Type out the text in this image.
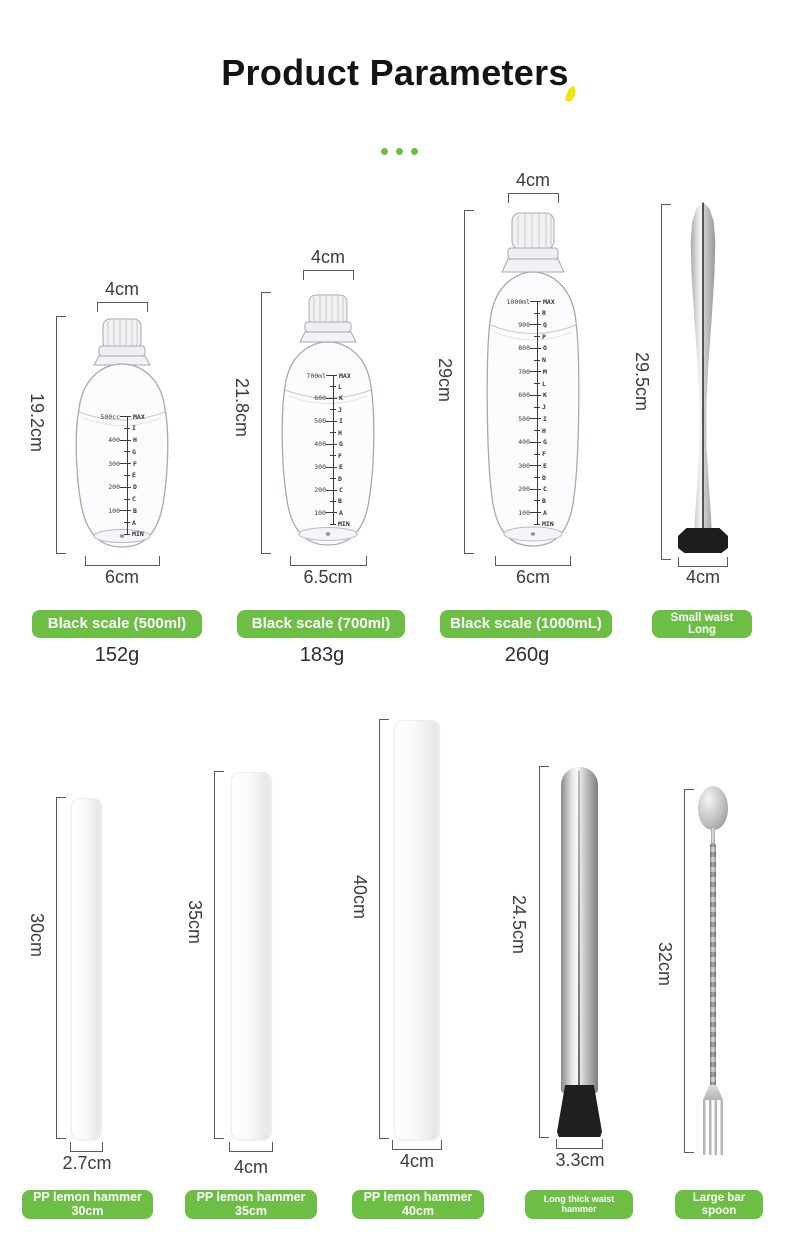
Product Parameters
4cm
19.2cm	500cc MAX
I
400 H
G
300 F
E
200 D
C
100 B
A
MIN
6cm
Black scale (500ml)
152g
4cm
21.8cm
700ml MAX
L
600 K
J
500 I
H
400 G
F
300 E
D
200 C
B
100 A
MIN
6.5cm
Black scale (700ml)
183g
4cm
29cm
1000ml MAX
R
900 Q
P
800 O
N
700 M
L
600 K
J
500 I
H
400 G
F
300 E
D
200 C
B
100 A
MIN
6cm
Black scale (1000mL)
260g
29.5cm
4cm
Small waist Long
30cm
2.7cm
PP lemon hammer 30cm
35cm
4cm
PP lemon hammer 35cm
40cm
4cm
PP lemon hammer 40cm
24.5cm
3.3cm
Long thick waist hammer
32cm
Large bar spoon
